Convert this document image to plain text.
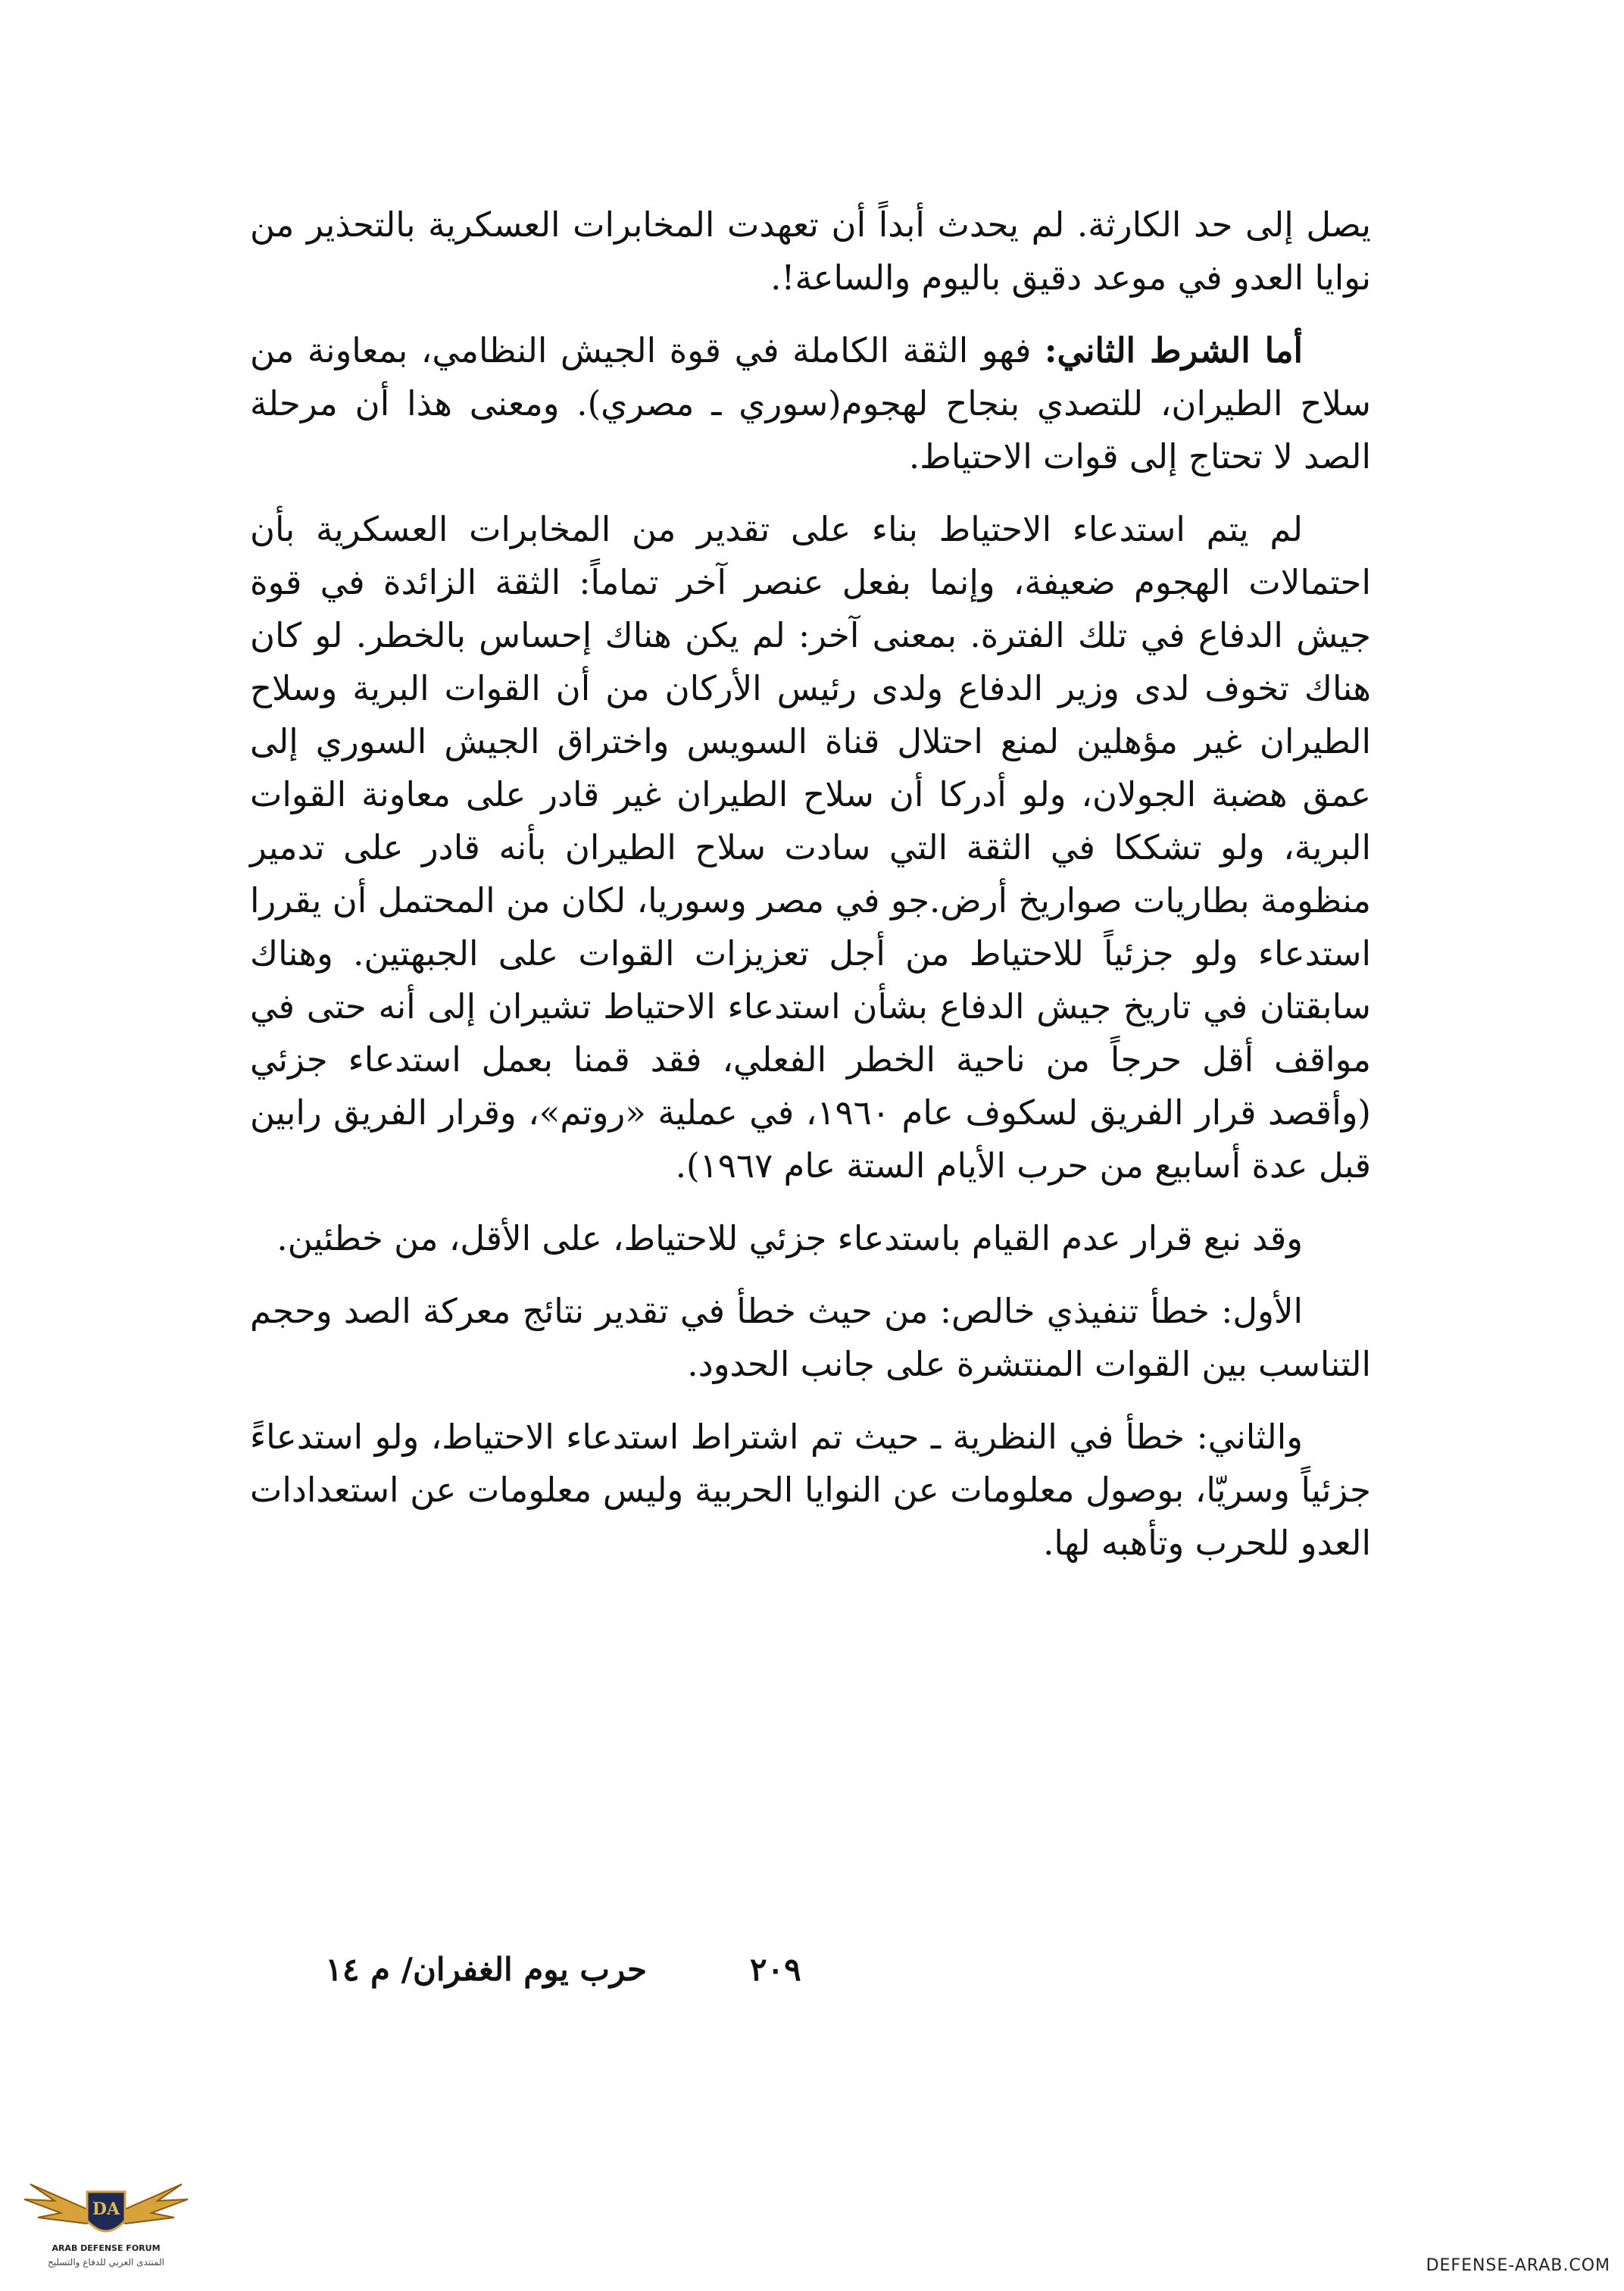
يصل إلى حد الكارثة. لم يحدث أبداً أن تعهدت المخابرات العسكرية بالتحذير من نوايا العدو في موعد دقيق باليوم والساعة!.

أما الشرط الثاني: فهو الثقة الكاملة في قوة الجيش النظامي، بمعاونة من سلاح الطيران، للتصدي بنجاح لهجوم(سوري ـ مصري). ومعنى هذا أن مرحلة الصد لا تحتاج إلى قوات الاحتياط.

لم يتم استدعاء الاحتياط بناء على تقدير من المخابرات العسكرية بأن احتمالات الهجوم ضعيفة، وإنما بفعل عنصر آخر تماماً: الثقة الزائدة في قوة جيش الدفاع في تلك الفترة. بمعنى آخر: لم يكن هناك إحساس بالخطر. لو كان هناك تخوف لدى وزير الدفاع ولدى رئيس الأركان من أن القوات البرية وسلاح الطيران غير مؤهلين لمنع احتلال قناة السويس واختراق الجيش السوري إلى عمق هضبة الجولان، ولو أدركا أن سلاح الطيران غير قادر على معاونة القوات البرية، ولو تشككا في الثقة التي سادت سلاح الطيران بأنه قادر على تدمير منظومة بطاريات صواريخ أرض.جو في مصر وسوريا، لكان من المحتمل أن يقررا استدعاء ولو جزئياً للاحتياط من أجل تعزيزات القوات على الجبهتين. وهناك سابقتان في تاريخ جيش الدفاع بشأن استدعاء الاحتياط تشيران إلى أنه حتى في مواقف أقل حرجاً من ناحية الخطر الفعلي، فقد قمنا بعمل استدعاء جزئي (وأقصد قرار الفريق لسكوف عام ١٩٦٠، في عملية «روتم»، وقرار الفريق رابين قبل عدة أسابيع من حرب الأيام الستة عام ١٩٦٧).

وقد نبع قرار عدم القيام باستدعاء جزئي للاحتياط، على الأقل، من خطئين.

الأول: خطأ تنفيذي خالص: من حيث خطأ في تقدير نتائج معركة الصد وحجم التناسب بين القوات المنتشرة على جانب الحدود.

والثاني: خطأ في النظرية ـ حيث تم اشتراط استدعاء الاحتياط، ولو استدعاءً جزئياً وسريّا، بوصول معلومات عن النوايا الحربية وليس معلومات عن استعدادات العدو للحرب وتأهبه لها.

حرب يوم الغفران/ م ١٤	٢٠٩
DA
ARAB DEFENSE FORUM
المنتدى العربي للدفاع والتسليح	DEFENSE-ARAB.COM
